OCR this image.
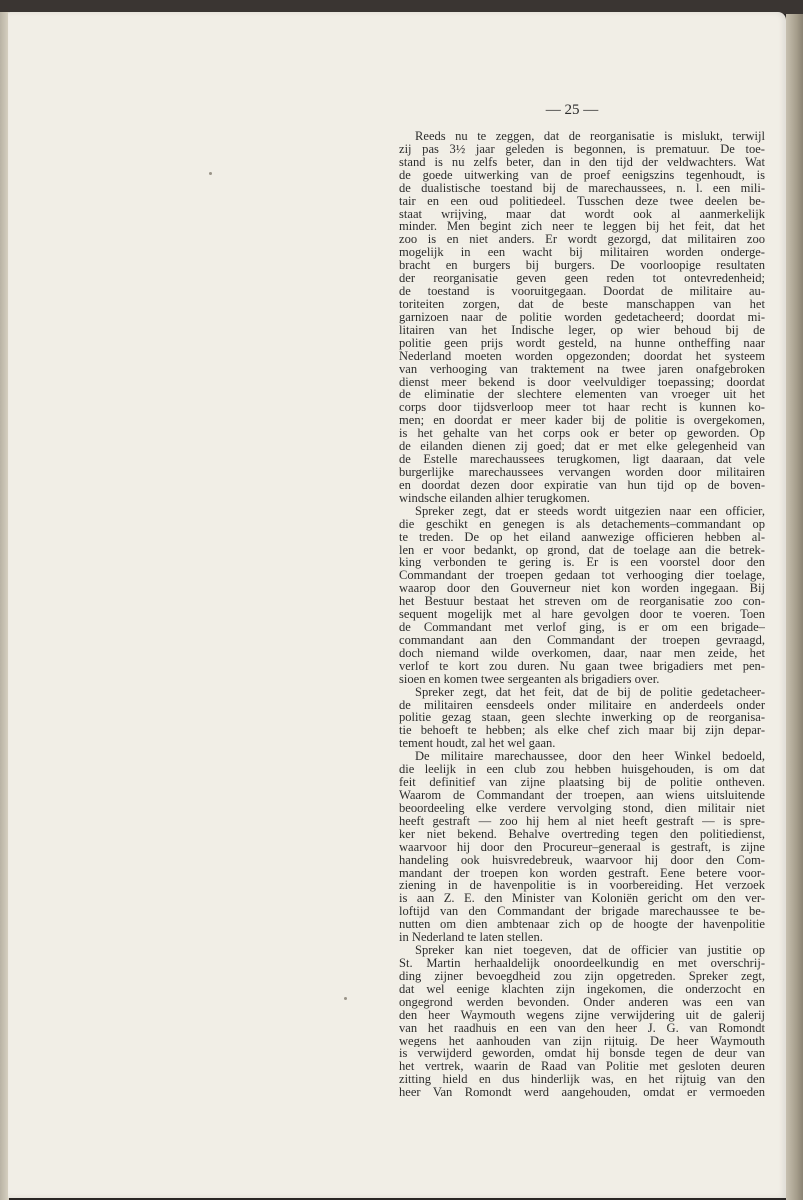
— 25 —
Reeds nu te zeggen, dat de reorganisatie is mislukt, terwijl
zij pas 3½ jaar geleden is begonnen, is prematuur. De toe-
stand is nu zelfs beter, dan in den tijd der veldwachters. Wat
de goede uitwerking van de proef eenigszins tegenhoudt, is
de dualistische toestand bij de marechaussees, n. l. een mili-
tair en een oud politiedeel. Tusschen deze twee deelen be-
staat wrijving, maar dat wordt ook al aanmerkelijk
minder. Men begint zich neer te leggen bij het feit, dat het
zoo is en niet anders. Er wordt gezorgd, dat militairen zoo
mogelijk in een wacht bij militairen worden onderge-
bracht en burgers bij burgers. De voorloopige resultaten
der reorganisatie geven geen reden tot ontevredenheid;
de toestand is vooruitgegaan. Doordat de militaire au-
toriteiten zorgen, dat de beste manschappen van het
garnizoen naar de politie worden gedetacheerd; doordat mi-
litairen van het Indische leger, op wier behoud bij de
politie geen prijs wordt gesteld, na hunne ontheffing naar
Nederland moeten worden opgezonden; doordat het systeem
van verhooging van traktement na twee jaren onafgebroken
dienst meer bekend is door veelvuldiger toepassing; doordat
de eliminatie der slechtere elementen van vroeger uit het
corps door tijdsverloop meer tot haar recht is kunnen ko-
men; en doordat er meer kader bij de politie is overgekomen,
is het gehalte van het corps ook er beter op geworden. Op
de eilanden dienen zij goed; dat er met elke gelegenheid van
de Estelle marechaussees terugkomen, ligt daaraan, dat vele
burgerlijke marechaussees vervangen worden door militairen
en doordat dezen door expiratie van hun tijd op de boven-
windsche eilanden alhier terugkomen.
Spreker zegt, dat er steeds wordt uitgezien naar een officier,
die geschikt en genegen is als detachements–commandant op
te treden. De op het eiland aanwezige officieren hebben al-
len er voor bedankt, op grond, dat de toelage aan die betrek-
king verbonden te gering is. Er is een voorstel door den
Commandant der troepen gedaan tot verhooging dier toelage,
waarop door den Gouverneur niet kon worden ingegaan. Bij
het Bestuur bestaat het streven om de reorganisatie zoo con-
sequent mogelijk met al hare gevolgen door te voeren. Toen
de Commandant met verlof ging, is er om een brigade–
commandant aan den Commandant der troepen gevraagd,
doch niemand wilde overkomen, daar, naar men zeide, het
verlof te kort zou duren. Nu gaan twee brigadiers met pen-
sioen en komen twee sergeanten als brigadiers over.
Spreker zegt, dat het feit, dat de bij de politie gedetacheer-
de militairen eensdeels onder militaire en anderdeels onder
politie gezag staan, geen slechte inwerking op de reorganisa-
tie behoeft te hebben; als elke chef zich maar bij zijn depar-
tement houdt, zal het wel gaan.
De militaire marechaussee, door den heer Winkel bedoeld,
die leelijk in een club zou hebben huisgehouden, is om dat
feit definitief van zijne plaatsing bij de politie ontheven.
Waarom de Commandant der troepen, aan wiens uitsluitende
beoordeeling elke verdere vervolging stond, dien militair niet
heeft gestraft — zoo hij hem al niet heeft gestraft — is spre-
ker niet bekend. Behalve overtreding tegen den politiedienst,
waarvoor hij door den Procureur–generaal is gestraft, is zijne
handeling ook huisvredebreuk, waarvoor hij door den Com-
mandant der troepen kon worden gestraft. Eene betere voor-
ziening in de havenpolitie is in voorbereiding. Het verzoek
is aan Z. E. den Minister van Koloniën gericht om den ver-
loftijd van den Commandant der brigade marechaussee te be-
nutten om dien ambtenaar zich op de hoogte der havenpolitie
in Nederland te laten stellen.
Spreker kan niet toegeven, dat de officier van justitie op
St. Martin herhaaldelijk onoordeelkundig en met overschrij-
ding zijner bevoegdheid zou zijn opgetreden. Spreker zegt,
dat wel eenige klachten zijn ingekomen, die onderzocht en
ongegrond werden bevonden. Onder anderen was een van
den heer Waymouth wegens zijne verwijdering uit de galerij
van het raadhuis en een van den heer J. G. van Romondt
wegens het aanhouden van zijn rijtuig. De heer Waymouth
is verwijderd geworden, omdat hij bonsde tegen de deur van
het vertrek, waarin de Raad van Politie met gesloten deuren
zitting hield en dus hinderlijk was, en het rijtuig van den
heer Van Romondt werd aangehouden, omdat er vermoeden
